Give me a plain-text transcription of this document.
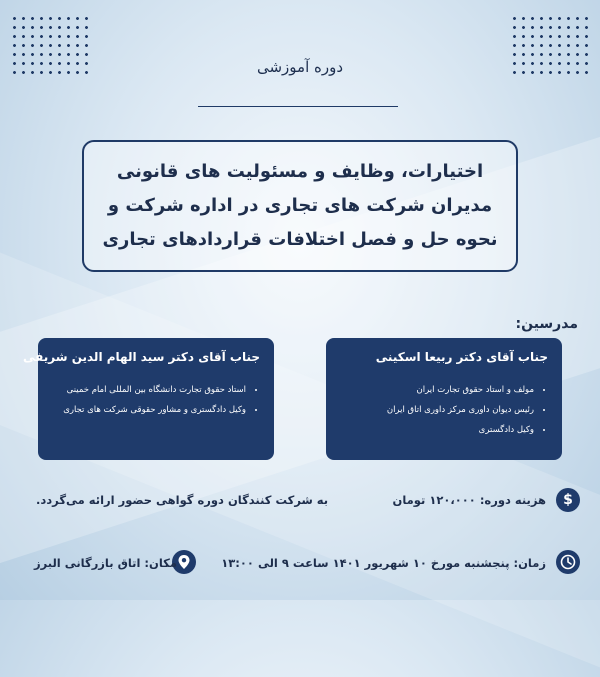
دوره آموزشی
اختیارات، وظایف و مسئولیت های قانونی
مدیران شرکت های تجاری در اداره شرکت و
نحوه حل و فصل اختلافات قراردادهای تجاری
مدرسین:
جناب آقای دکتر ربیعا اسکینی
• مولف و استاد حقوق تجارت ایران
• رئیس دیوان داوری مرکز داوری اتاق ایران
• وکیل دادگستری
جناب آقای دکتر سید الهام الدین شریفی
• استاد حقوق تجارت دانشگاه بین المللی امام خمینی
• وکیل دادگستری و مشاور حقوقی شرکت های تجاری
$
هزینه دوره: ۱۲۰،۰۰۰ تومان
به شرکت کنندگان دوره گواهی حضور ارائه می‌گردد.
زمان: پنجشنبه مورخ ۱۰ شهریور ۱۴۰۱ ساعت ۹ الی ۱۳:۰۰
مکان: اتاق بازرگانی البرز
